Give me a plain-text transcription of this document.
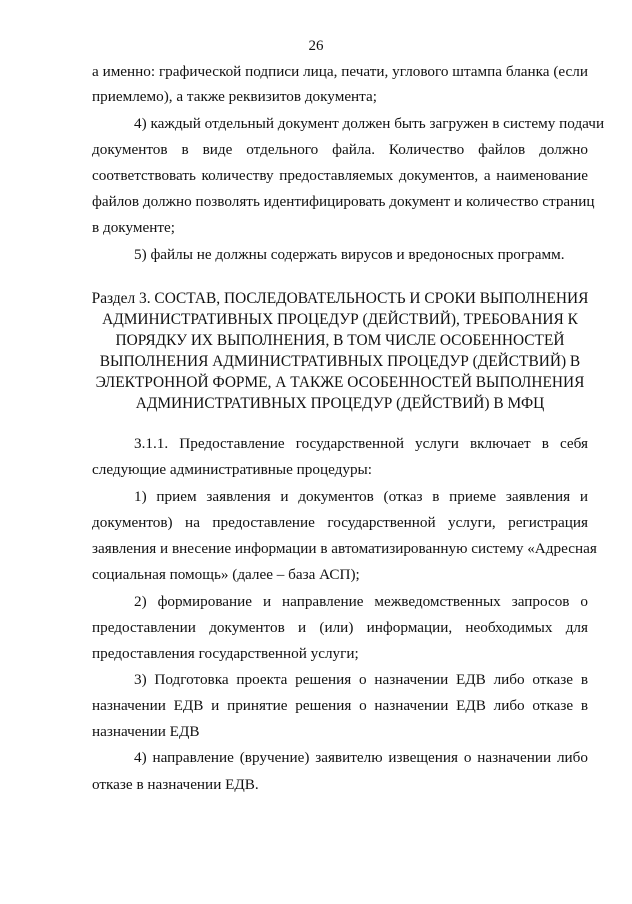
26
а именно: графической подписи лица, печати, углового штампа бланка (если
приемлемо), а также реквизитов документа;
4) каждый отдельный документ должен быть загружен в систему подачи
документов в виде отдельного файла. Количество файлов должно
соответствовать количеству предоставляемых документов, а наименование
файлов должно позволять идентифицировать документ и количество страниц
в документе;
5) файлы не должны содержать вирусов и вредоносных программ.
Раздел 3. СОСТАВ, ПОСЛЕДОВАТЕЛЬНОСТЬ И СРОКИ ВЫПОЛНЕНИЯ
АДМИНИСТРАТИВНЫХ ПРОЦЕДУР (ДЕЙСТВИЙ), ТРЕБОВАНИЯ К
ПОРЯДКУ ИХ ВЫПОЛНЕНИЯ, В ТОМ ЧИСЛЕ ОСОБЕННОСТЕЙ
ВЫПОЛНЕНИЯ АДМИНИСТРАТИВНЫХ ПРОЦЕДУР (ДЕЙСТВИЙ) В
ЭЛЕКТРОННОЙ ФОРМЕ, А ТАКЖЕ ОСОБЕННОСТЕЙ ВЫПОЛНЕНИЯ
АДМИНИСТРАТИВНЫХ ПРОЦЕДУР (ДЕЙСТВИЙ) В МФЦ
3.1.1. Предоставление государственной услуги включает в себя
следующие административные процедуры:
1) прием заявления и документов (отказ в приеме заявления и
документов) на предоставление государственной услуги, регистрация
заявления и внесение информации в автоматизированную систему «Адресная
социальная помощь» (далее – база АСП);
2) формирование и направление межведомственных запросов о
предоставлении документов и (или) информации, необходимых для
предоставления государственной услуги;
3) Подготовка проекта решения о назначении ЕДВ либо отказе в
назначении ЕДВ и принятие решения о назначении ЕДВ либо отказе в
назначении ЕДВ
4) направление (вручение) заявителю извещения о назначении либо
отказе в назначении ЕДВ.
